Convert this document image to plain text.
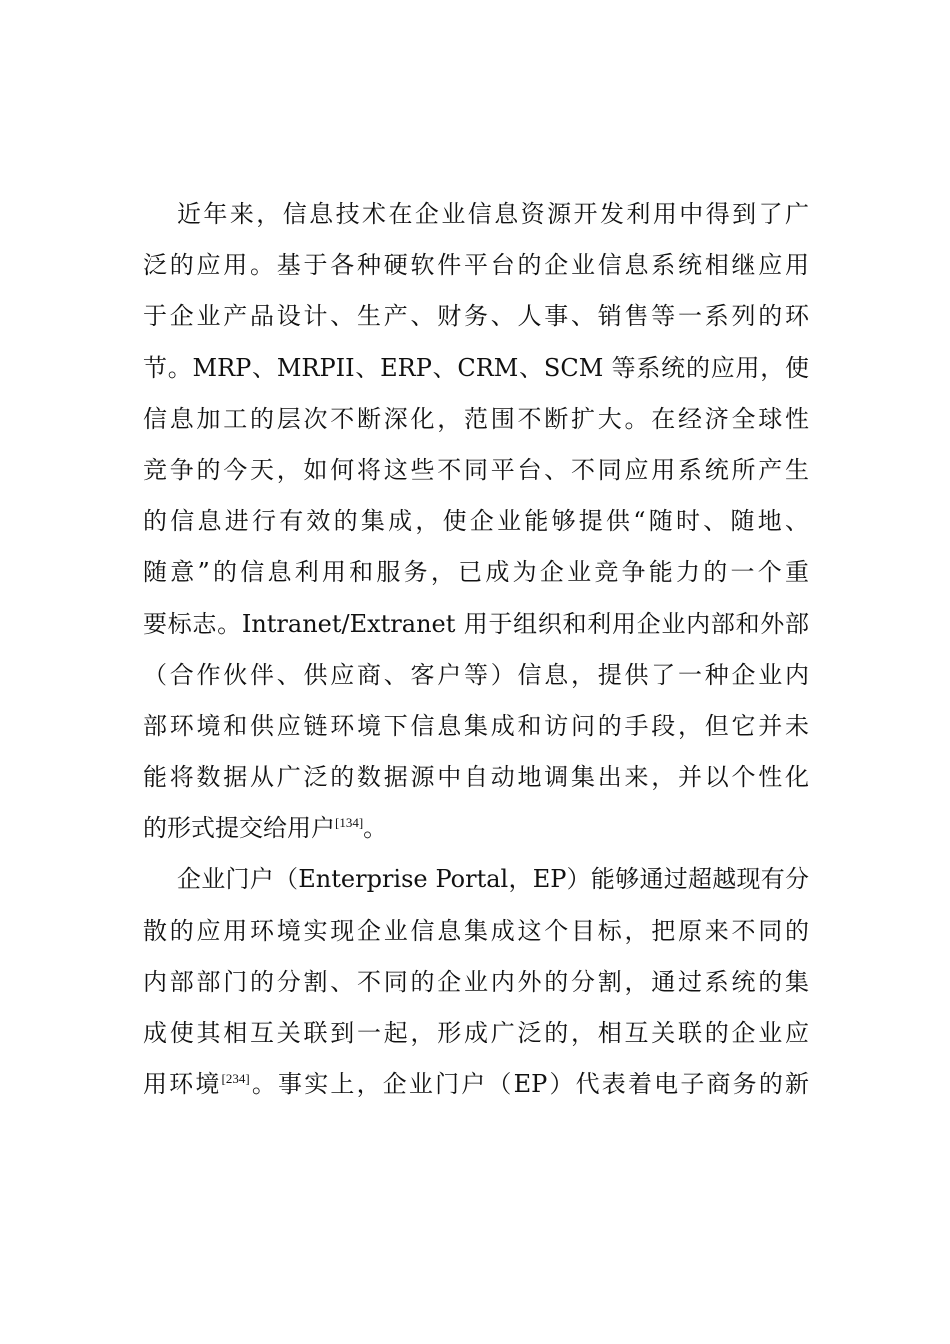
近年来，信息技术在企业信息资源开发利用中得到了广
泛的应用。基于各种硬软件平台的企业信息系统相继应用
于企业产品设计、生产、财务、人事、销售等一系列的环
节。MRP、MRPII、ERP、CRM、SCM 等系统的应用，使
信息加工的层次不断深化，范围不断扩大。在经济全球性
竞争的今天，如何将这些不同平台、不同应用系统所产生
的信息进行有效的集成，使企业能够提供“随时、随地、
随意”的信息利用和服务，已成为企业竞争能力的一个重
要标志。Intranet/Extranet 用于组织和利用企业内部和外部
（合作伙伴、供应商、客户等）信息，提供了一种企业内
部环境和供应链环境下信息集成和访问的手段，但它并未
能将数据从广泛的数据源中自动地调集出来，并以个性化
的形式提交给用户[134]。
企业门户（Enterprise Portal，EP）能够通过超越现有分
散的应用环境实现企业信息集成这个目标，把原来不同的
内部部门的分割、不同的企业内外的分割，通过系统的集
成使其相互关联到一起，形成广泛的，相互关联的企业应
用环境[234]。事实上，企业门户（EP）代表着电子商务的新
